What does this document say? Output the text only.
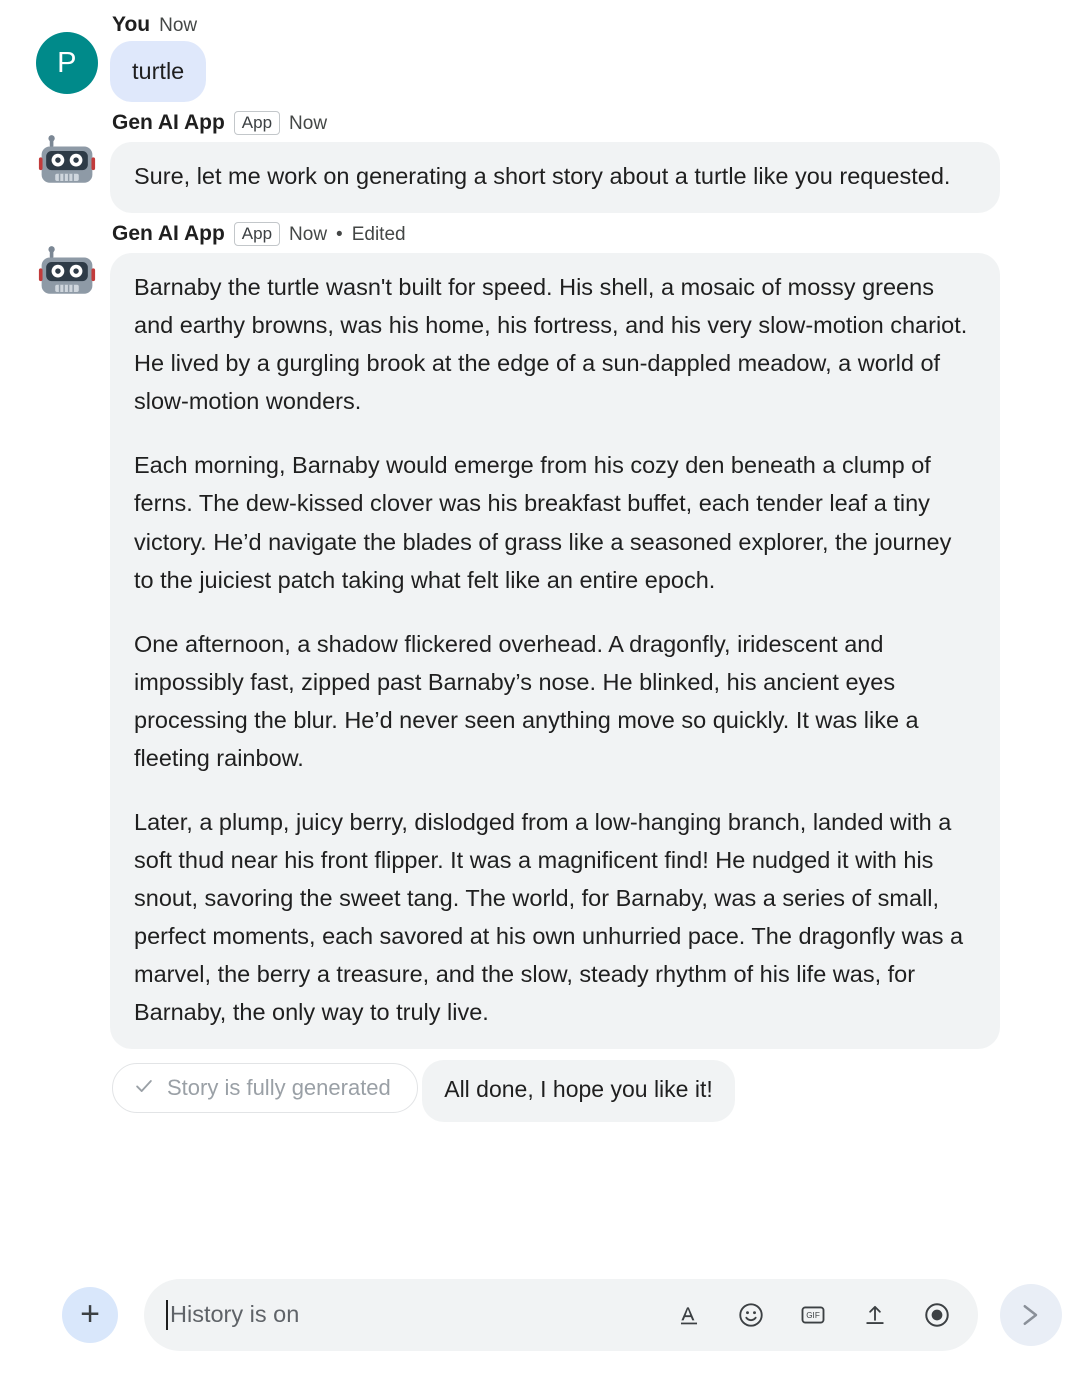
P
You Now
turtle
Gen AI App	App Now
Sure, let me work on generating a short story about a turtle like you requested.
Gen AI App	App Now • Edited

Barnaby the turtle wasn't built for speed. His shell, a mosaic of mossy greens and earthy browns, was his home, his fortress, and his very slow-motion chariot. He lived by a gurgling brook at the edge of a sun-dappled meadow, a world of slow-motion wonders.

Each morning, Barnaby would emerge from his cozy den beneath a clump of ferns. The dew-kissed clover was his breakfast buffet, each tender leaf a tiny victory. He’d navigate the blades of grass like a seasoned explorer, the journey to the juiciest patch taking what felt like an entire epoch.

One afternoon, a shadow flickered overhead. A dragonfly, iridescent and impossibly fast, zipped past Barnaby’s nose. He blinked, his ancient eyes processing the blur. He’d never seen anything move so quickly. It was like a fleeting rainbow.

Later, a plump, juicy berry, dislodged from a low-hanging branch, landed with a soft thud near his front flipper. It was a magnificent find! He nudged it with his snout, savoring the sweet tang. The world, for Barnaby, was a series of small, perfect moments, each savored at his own unhurried pace. The dragonfly was a marvel, the berry a treasure, and the slow, steady rhythm of his life was, for Barnaby, the only way to truly live.

Story is fully generated All done, I hope you like it!
+	History is on	GIF
